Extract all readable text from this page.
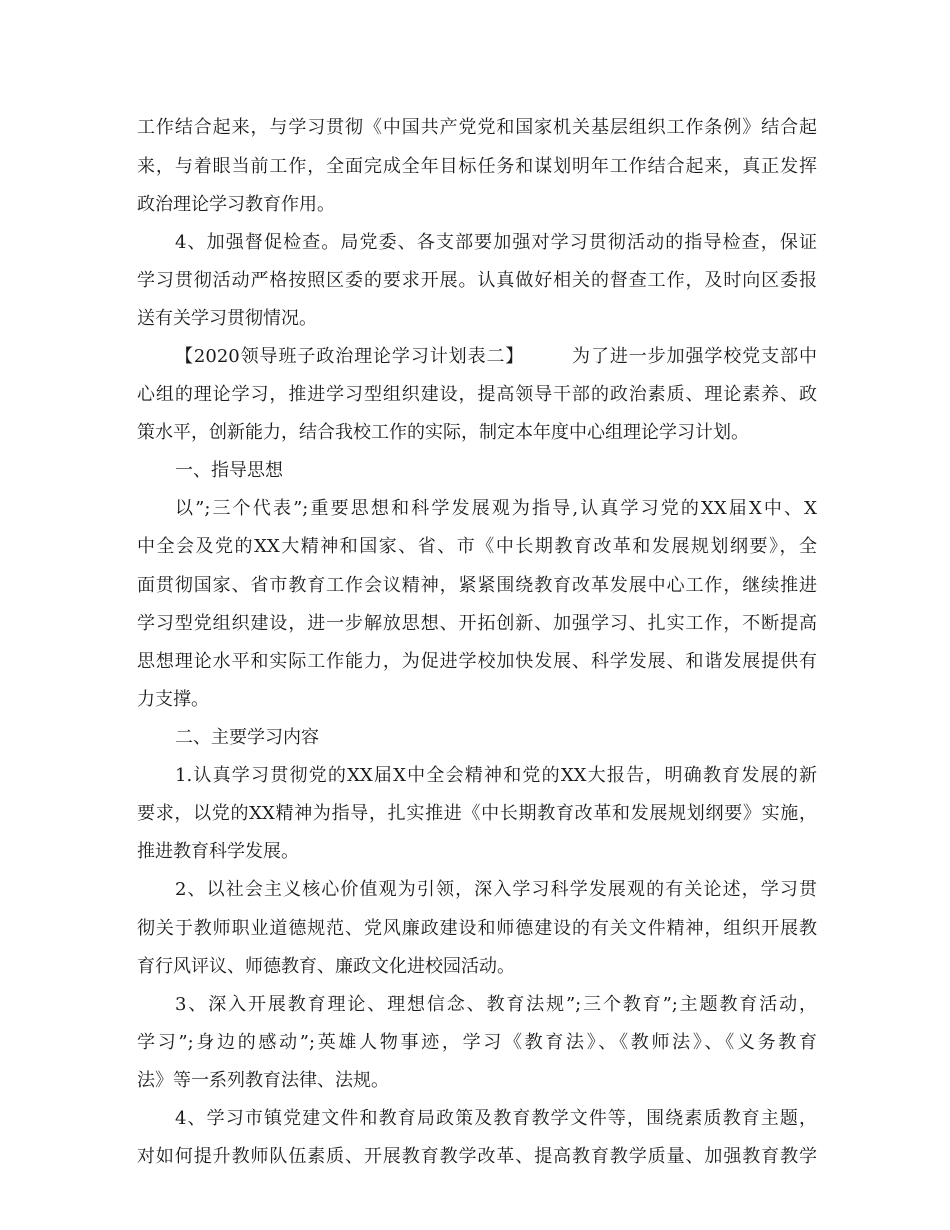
工作结合起来，与学习贯彻《中国共产党党和国家机关基层组织工作条例》结合起
来，与着眼当前工作，全面完成全年目标任务和谋划明年工作结合起来，真正发挥
政治理论学习教育作用。
4、加强督促检查。局党委、各支部要加强对学习贯彻活动的指导检查，保证
学习贯彻活动严格按照区委的要求开展。认真做好相关的督查工作，及时向区委报
送有关学习贯彻情况。
【2020领导班子政治理论学习计划表二】　　　为了进一步加强学校党支部中
心组的理论学习，推进学习型组织建设，提高领导干部的政治素质、理论素养、政
策水平，创新能力，结合我校工作的实际，制定本年度中心组理论学习计划。
一、指导思想
以”;三个代表”;重要思想和科学发展观为指导,认真学习党的XX届X中、X
中全会及党的XX大精神和国家、省、市《中长期教育改革和发展规划纲要》，全
面贯彻国家、省市教育工作会议精神，紧紧围绕教育改革发展中心工作，继续推进
学习型党组织建设，进一步解放思想、开拓创新、加强学习、扎实工作，不断提高
思想理论水平和实际工作能力，为促进学校加快发展、科学发展、和谐发展提供有
力支撑。
二、主要学习内容
1.认真学习贯彻党的XX届X中全会精神和党的XX大报告，明确教育发展的新
要求，以党的XX精神为指导，扎实推进《中长期教育改革和发展规划纲要》实施，
推进教育科学发展。
2、以社会主义核心价值观为引领，深入学习科学发展观的有关论述，学习贯
彻关于教师职业道德规范、党风廉政建设和师德建设的有关文件精神，组织开展教
育行风评议、师德教育、廉政文化进校园活动。
3、深入开展教育理论、理想信念、教育法规”;三个教育”;主题教育活动，
学习”;身边的感动”;英雄人物事迹，学习《教育法》、《教师法》、《义务教育
法》等一系列教育法律、法规。
4、学习市镇党建文件和教育局政策及教育教学文件等，围绕素质教育主题，
对如何提升教师队伍素质、开展教育教学改革、提高教育教学质量、加强教育教学
